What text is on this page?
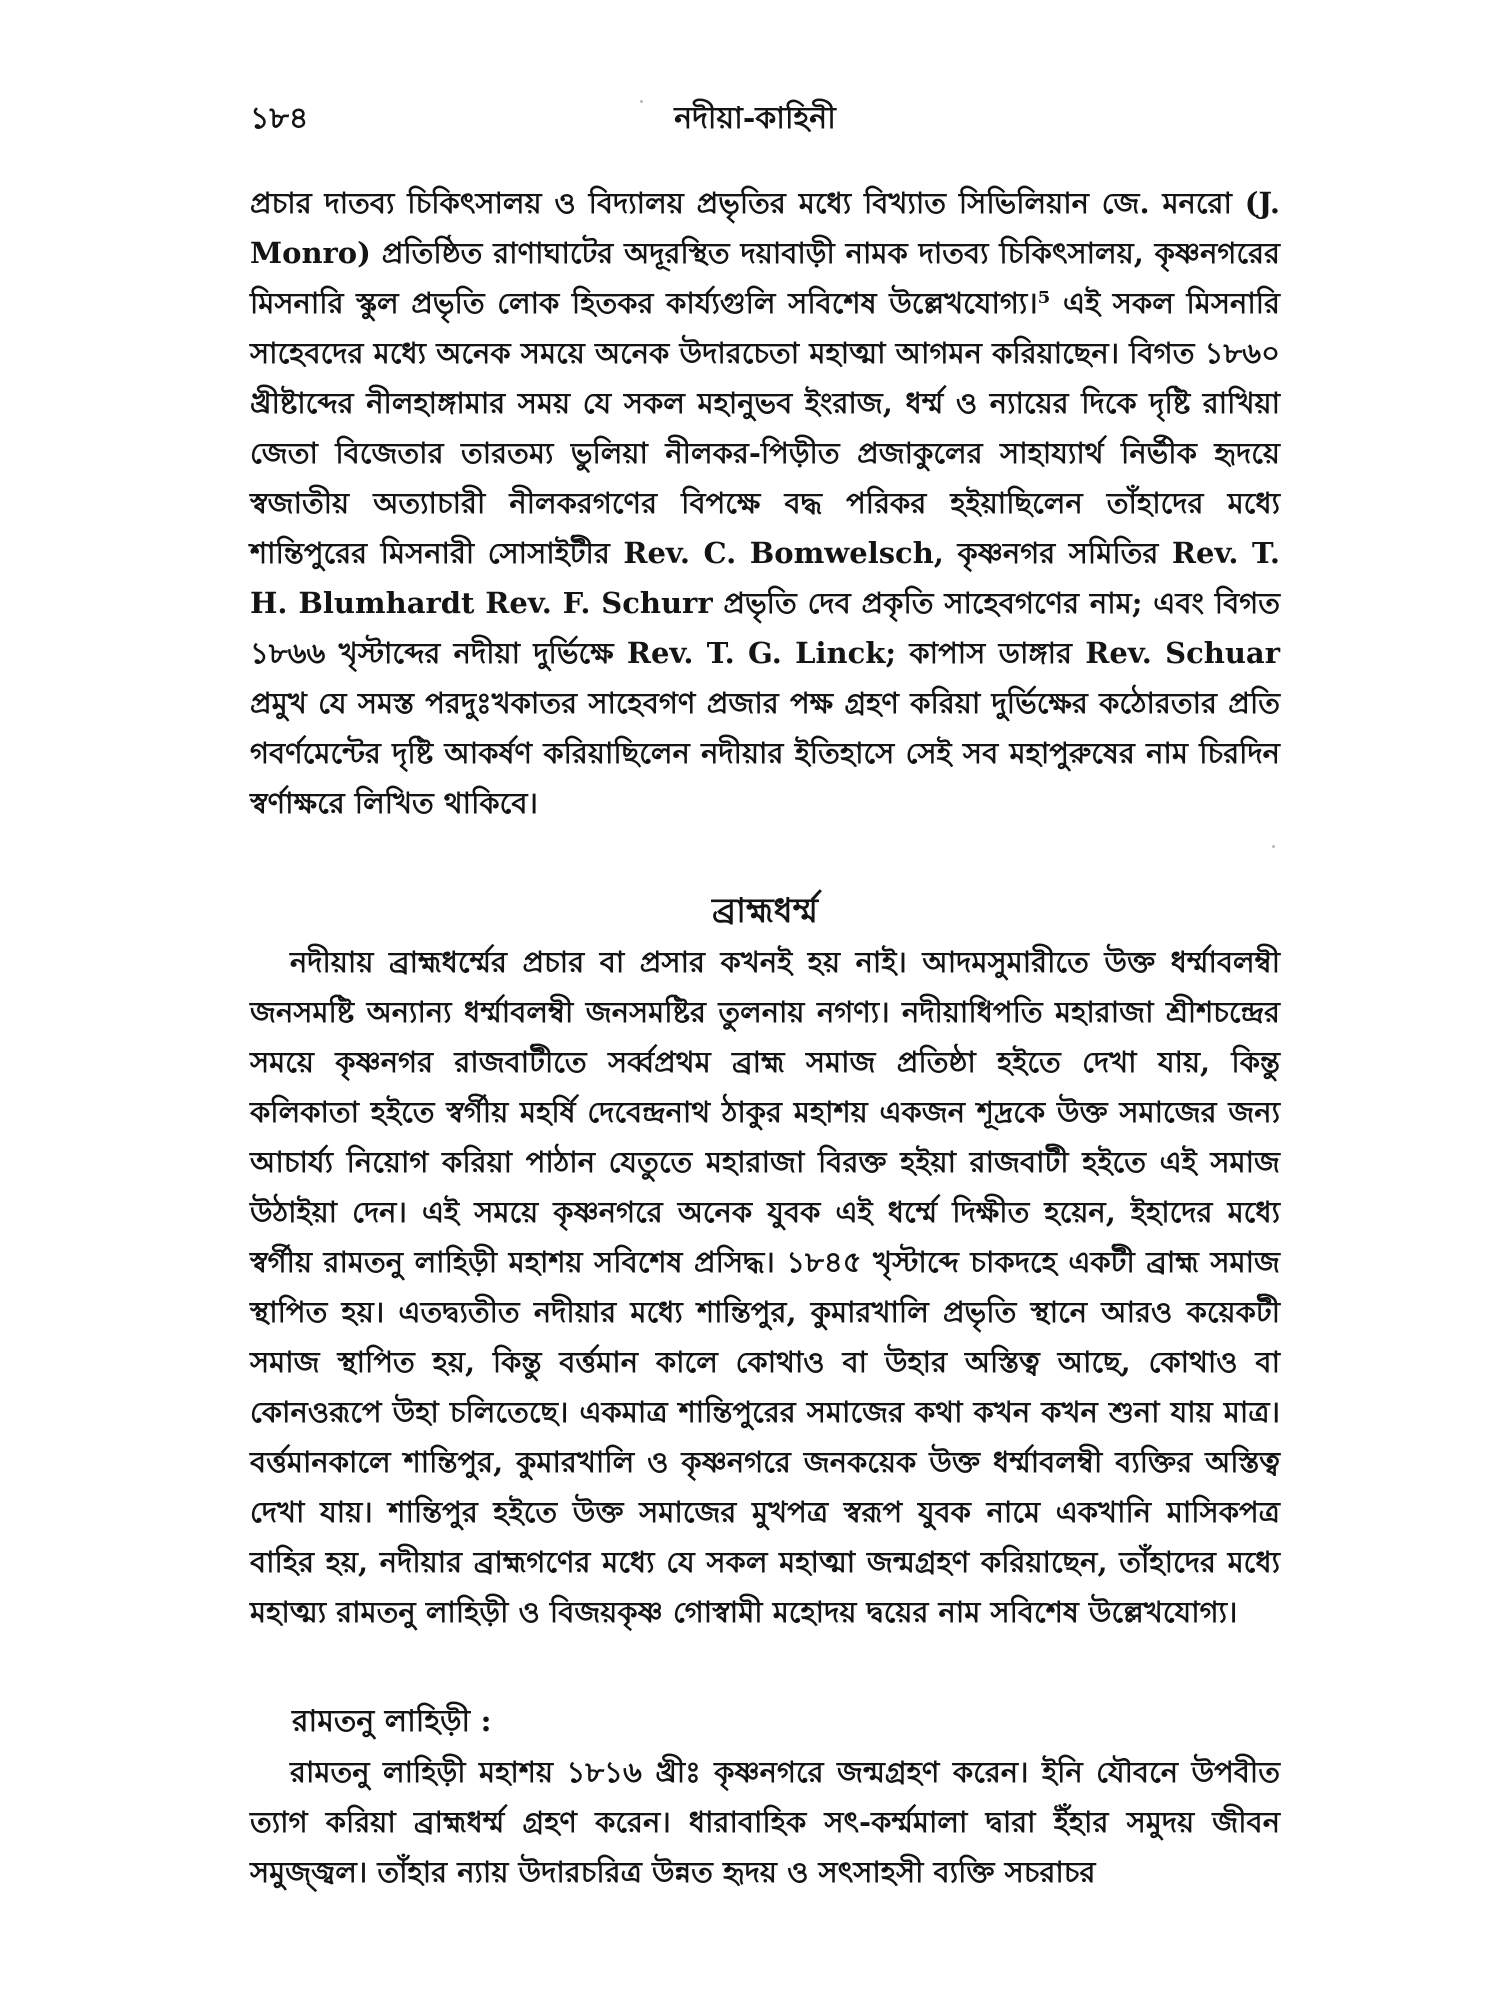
১৮৪	নদীয়া-কাহিনী
প্রচার দাতব্য চিকিৎসালয় ও বিদ্যালয় প্রভৃতির মধ্যে বিখ্যাত সিভিলিয়ান জে. মনরো (J. Monro) প্রতিষ্ঠিত রাণাঘাটের অদূরস্থিত দয়াবাড়ী নামক দাতব্য চিকিৎসালয়, কৃষ্ণনগরের মিসনারি স্কুল প্রভৃতি লোক হিতকর কার্য্যগুলি সবিশেষ উল্লেখযোগ্য।⁵ এই সকল মিসনারি সাহেবদের মধ্যে অনেক সময়ে অনেক উদারচেতা মহাত্মা আগমন করিয়াছেন। বিগত ১৮৬০ খ্রীষ্টাব্দের নীলহাঙ্গামার সময় যে সকল মহানুভব ইংরাজ, ধর্ম্ম ও ন্যায়ের দিকে দৃষ্টি রাখিয়া জেতা বিজেতার তারতম্য ভুলিয়া নীলকর-পিড়ীত প্রজাকুলের সাহায্যার্থ নির্ভীক হৃদয়ে স্বজাতীয় অত্যাচারী নীলকরগণের বিপক্ষে বদ্ধ পরিকর হইয়াছিলেন তাঁহাদের মধ্যে শান্তিপুরের মিসনারী সোসাইটীর Rev. C. Bomwelsch, কৃষ্ণনগর সমিতির Rev. T. H. Blumhardt Rev. F. Schurr প্রভৃতি দেব প্রকৃতি সাহেবগণের নাম; এবং বিগত ১৮৬৬ খৃস্টাব্দের নদীয়া দুর্ভিক্ষে Rev. T. G. Linck; কাপাস ডাঙ্গার Rev. Schuar প্রমুখ যে সমস্ত পরদুঃখকাতর সাহেবগণ প্রজার পক্ষ গ্রহণ করিয়া দুর্ভিক্ষের কঠোরতার প্রতি গবর্ণমেন্টের দৃষ্টি আকর্ষণ করিয়াছিলেন নদীয়ার ইতিহাসে সেই সব মহাপুরুষের নাম চিরদিন স্বর্ণাক্ষরে লিখিত থাকিবে।
ব্রাহ্মধর্ম্ম
নদীয়ায় ব্রাহ্মধর্ম্মের প্রচার বা প্রসার কখনই হয় নাই। আদমসুমারীতে উক্ত ধর্ম্মাবলম্বী জনসমষ্টি অন্যান্য ধর্ম্মাবলম্বী জনসমষ্টির তুলনায় নগণ্য। নদীয়াধিপতি মহারাজা শ্রীশচন্দ্রের সময়ে কৃষ্ণনগর রাজবাটীতে সর্ব্বপ্রথম ব্রাহ্ম সমাজ প্রতিষ্ঠা হইতে দেখা যায়, কিন্তু কলিকাতা হইতে স্বর্গীয় মহর্ষি দেবেন্দ্রনাথ ঠাকুর মহাশয় একজন শূদ্রকে উক্ত সমাজের জন্য আচার্য্য নিয়োগ করিয়া পাঠান যেতুতে মহারাজা বিরক্ত হইয়া রাজবাটী হইতে এই সমাজ উঠাইয়া দেন। এই সময়ে কৃষ্ণনগরে অনেক যুবক এই ধর্ম্মে দিক্ষীত হয়েন, ইহাদের মধ্যে স্বর্গীয় রামতনু লাহিড়ী মহাশয় সবিশেষ প্রসিদ্ধ। ১৮৪৫ খৃস্টাব্দে চাকদহে একটী ব্রাহ্ম সমাজ স্থাপিত হয়। এতদ্ব্যতীত নদীয়ার মধ্যে শান্তিপুর, কুমারখালি প্রভৃতি স্থানে আরও কয়েকটী সমাজ স্থাপিত হয়, কিন্তু বর্ত্তমান কালে কোথাও বা উহার অস্তিত্ব আছে, কোথাও বা কোনওরূপে উহা চলিতেছে। একমাত্র শান্তিপুরের সমাজের কথা কখন কখন শুনা যায় মাত্র। বর্ত্তমানকালে শান্তিপুর, কুমারখালি ও কৃষ্ণনগরে জনকয়েক উক্ত ধর্ম্মাবলম্বী ব্যক্তির অস্তিত্ব দেখা যায়। শান্তিপুর হইতে উক্ত সমাজের মুখপত্র স্বরূপ যুবক নামে একখানি মাসিকপত্র বাহির হয়, নদীয়ার ব্রাহ্মগণের মধ্যে যে সকল মহাত্মা জন্মগ্রহণ করিয়াছেন, তাঁহাদের মধ্যে মহাত্ম্য রামতনু লাহিড়ী ও বিজয়কৃষ্ণ গোস্বামী মহোদয় দ্বয়ের নাম সবিশেষ উল্লেখযোগ্য।
রামতনু লাহিড়ী :
রামতনু লাহিড়ী মহাশয় ১৮১৬ খ্রীঃ কৃষ্ণনগরে জন্মগ্রহণ করেন। ইনি যৌবনে উপবীত ত্যাগ করিয়া ব্রাহ্মধর্ম্ম গ্রহণ করেন। ধারাবাহিক সৎ-কর্ম্মমালা দ্বারা ইঁহার সমুদয় জীবন সমুজ্জ্বল। তাঁহার ন্যায় উদারচরিত্র উন্নত হৃদয় ও সৎসাহসী ব্যক্তি সচরাচর
